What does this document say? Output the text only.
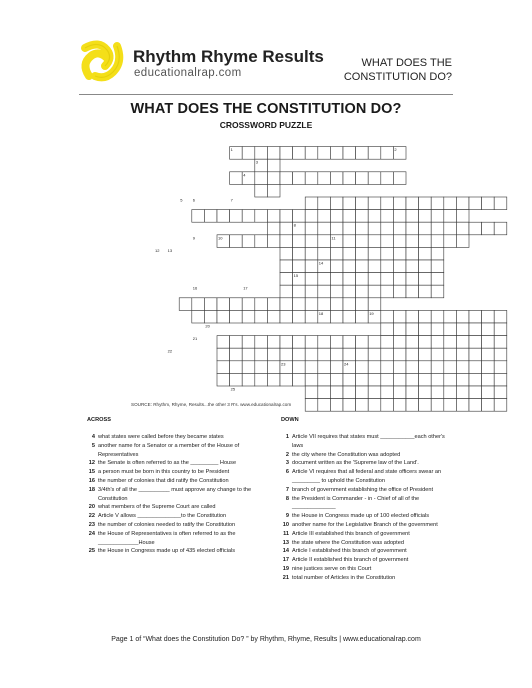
Rhythm Rhyme Results
educationalrap.com
WHAT DOES THE CONSTITUTION DO?
WHAT DOES THE CONSTITUTION DO?
CROSSWORD PUZZLE
1	2
3
4
5	6	7
8
9	10	11
12 13
14
15
16	17
18	19
20
21
22
23	24
25
SOURCE: Rhythm, Rhyme, Results...the other 3 R's. www.educationalrap.com
ACROSS	DOWN
4 what states were called before they became states
5 another name for a Senator or a member of the House of Representatives
12 the Senate is often referred to as the _________ House
15 a person must be born in this country to be President
16 the number of colonies that did ratify the Constitution
18 3/4th's of all the __________ must approve any change to the Constitution
20 what members of the Supreme Court are called
22 Article V allows ______________to the Constitution
23 the number of colonies needed to ratify the Constitution
24 the House of Representatives is often referred to as the _____________House
25 the House in Congress made up of 435 elected officials
1 Article VII requires that states must ___________each other's laws
2 the city where the Constitution was adopted
3 document written as the 'Supreme law of the Land'.
6 Article VI requires that all federal and state officers swear an _________ to uphold the Constitution
7 branch of government establishing the office of President
8 the President is Commander - in - Chief of all of the ______________
9 the House in Congress made up of 100 elected officials
10 another name for the Legislative Branch of the government
11 Article III established this branch of government
13 the state where the Constitution was adopted
14 Article I established this branch of government
17 Article II established this branch of government
19 nine justices serve on this Court
21 total number of Articles in the Constitution
Page 1 of “What does the Constitution Do? ” by Rhythm, Rhyme, Results | www.educationalrap.com
